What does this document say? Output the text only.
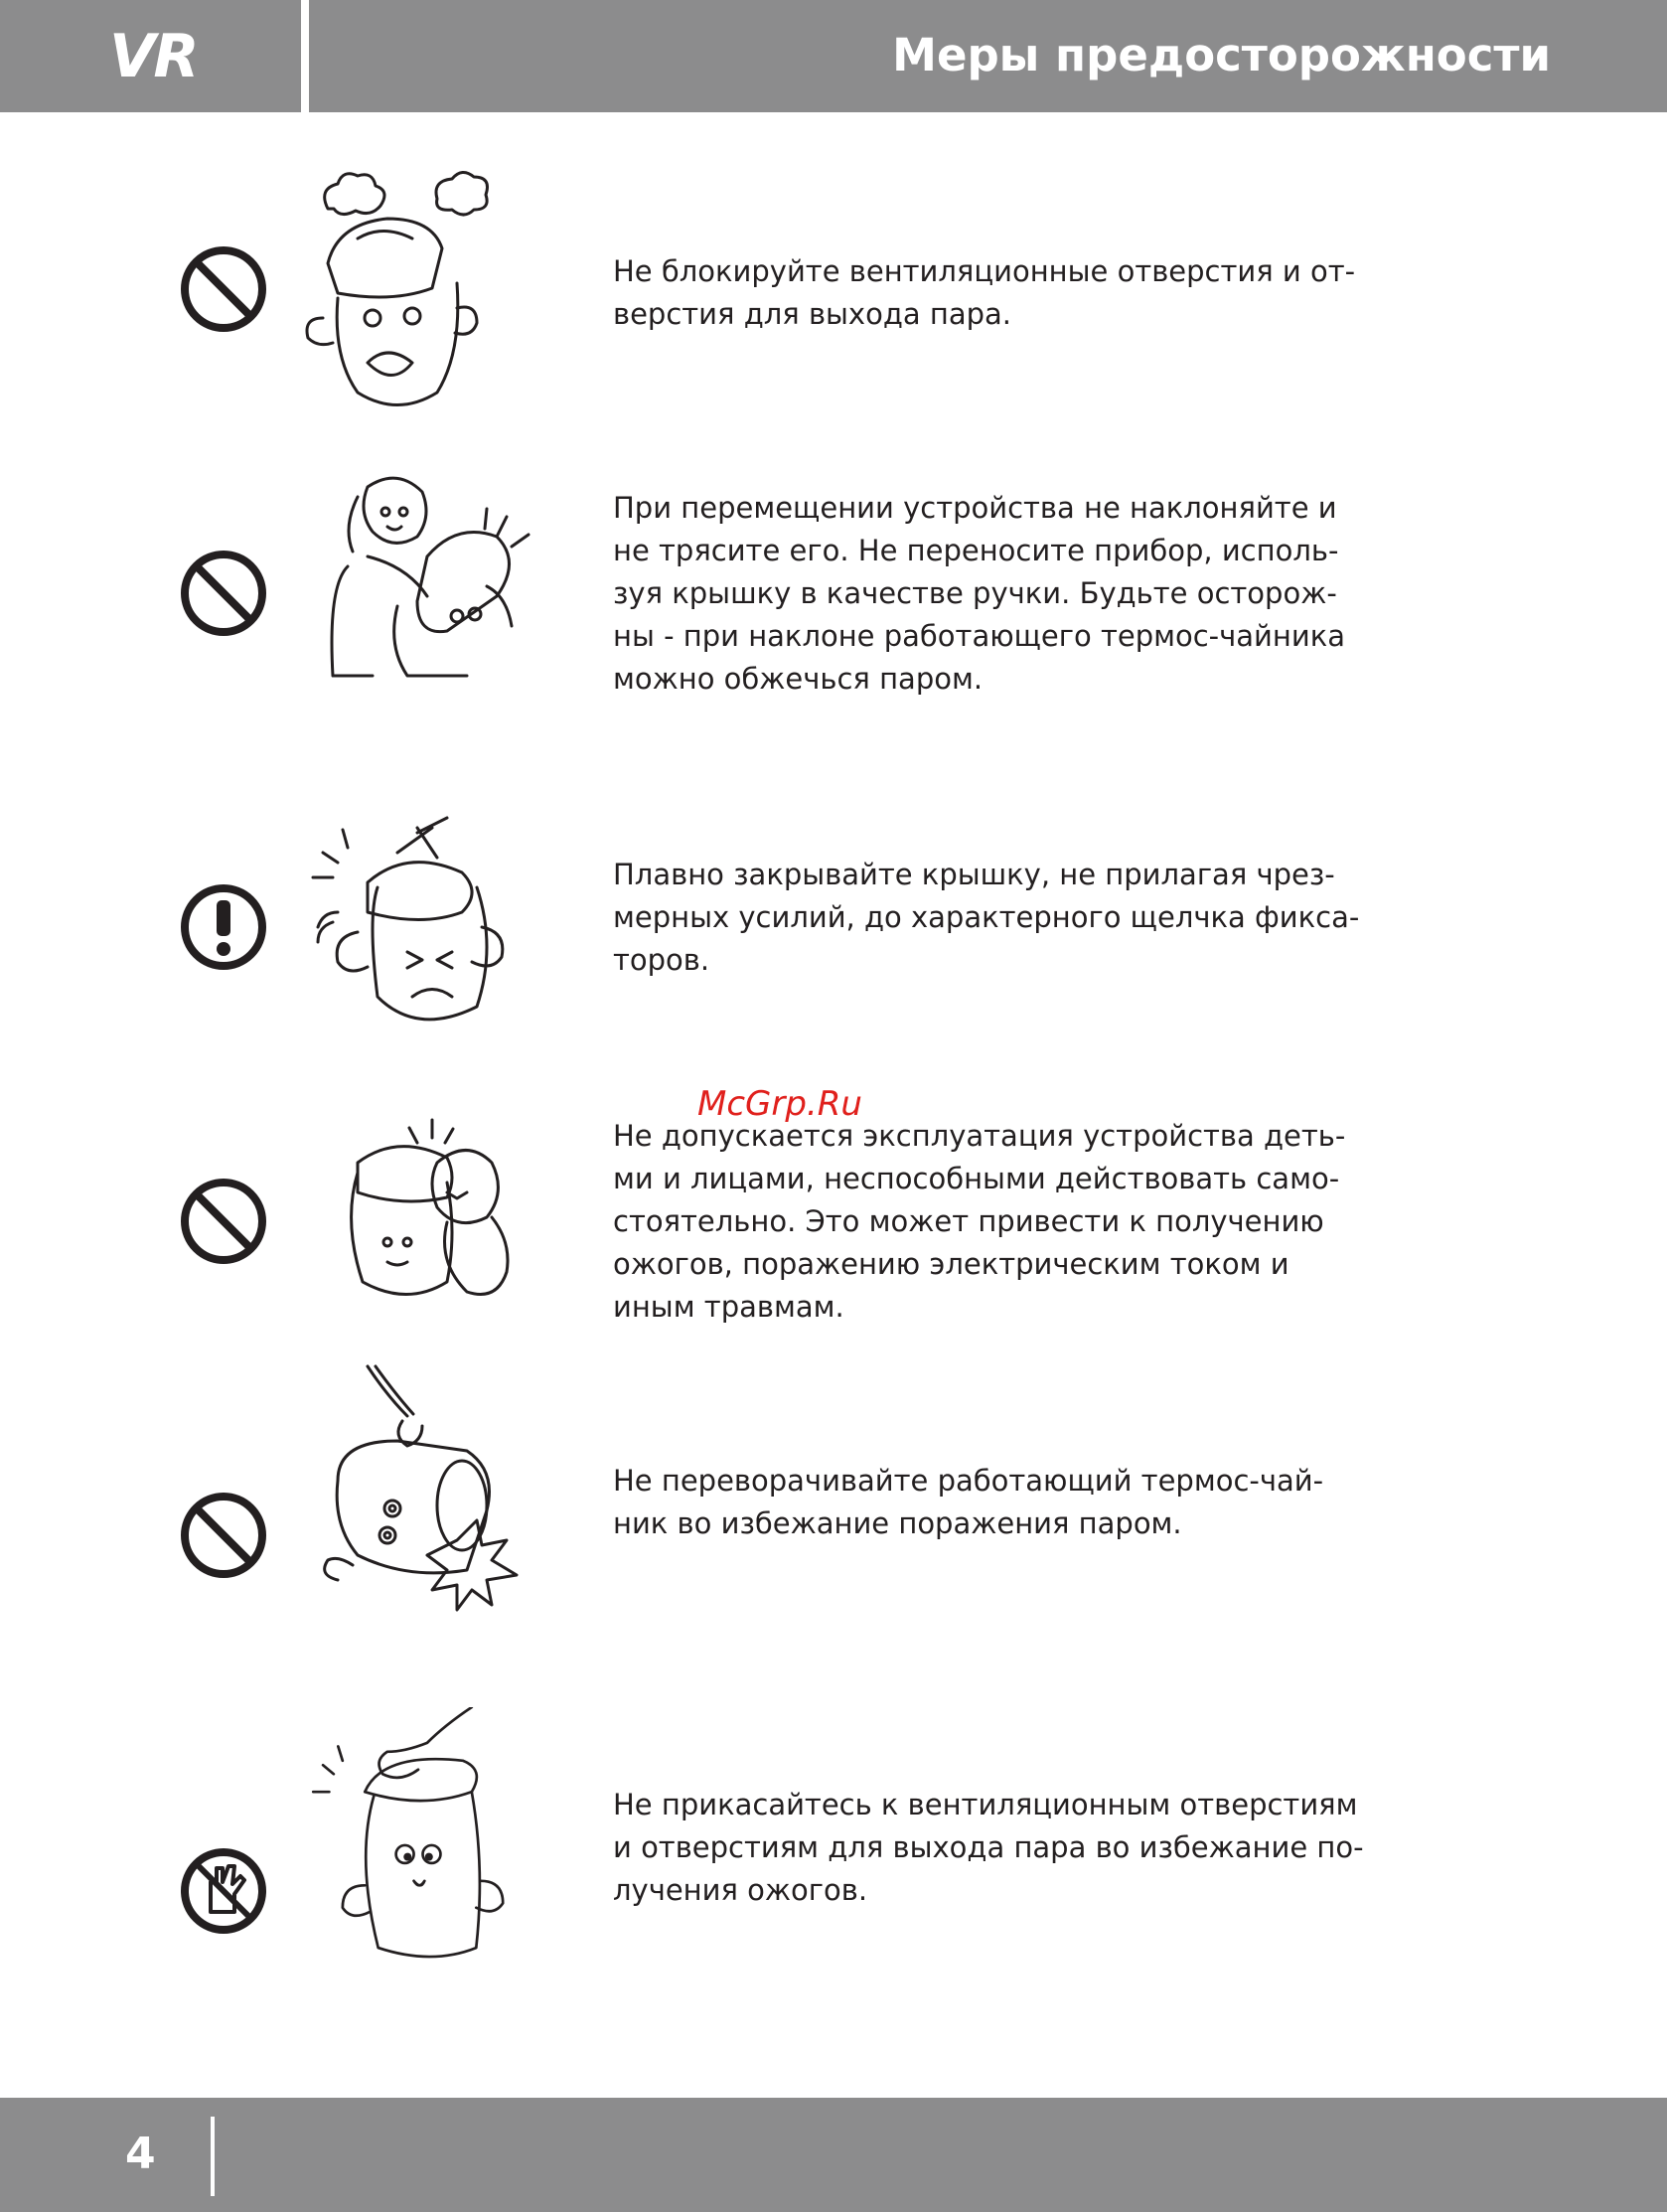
VR	Меры предосторожности
Не блокируйте вентиляционные отверстия и от-
верстия для выхода пара.
При перемещении устройства не наклоняйте и
не трясите его. Не переносите прибор, исполь-
зуя крышку в качестве ручки. Будьте осторож-
ны - при наклоне работающего термос-чайника
можно обжечься паром.
Плавно закрывайте крышку, не прилагая чрез-
мерных усилий, до характерного щелчка фикса-
торов.
Не допускается эксплуатация устройства деть-
ми и лицами, неспособными действовать само-
стоятельно. Это может привести к получению
ожогов, поражению электрическим током и
иным травмам.
Не переворачивайте работающий термос-чай-
ник во избежание поражения паром.
Не прикасайтесь к вентиляционным отверстиям
и отверстиям для выхода пара во избежание по-
лучения ожогов.
McGrp.Ru
4
